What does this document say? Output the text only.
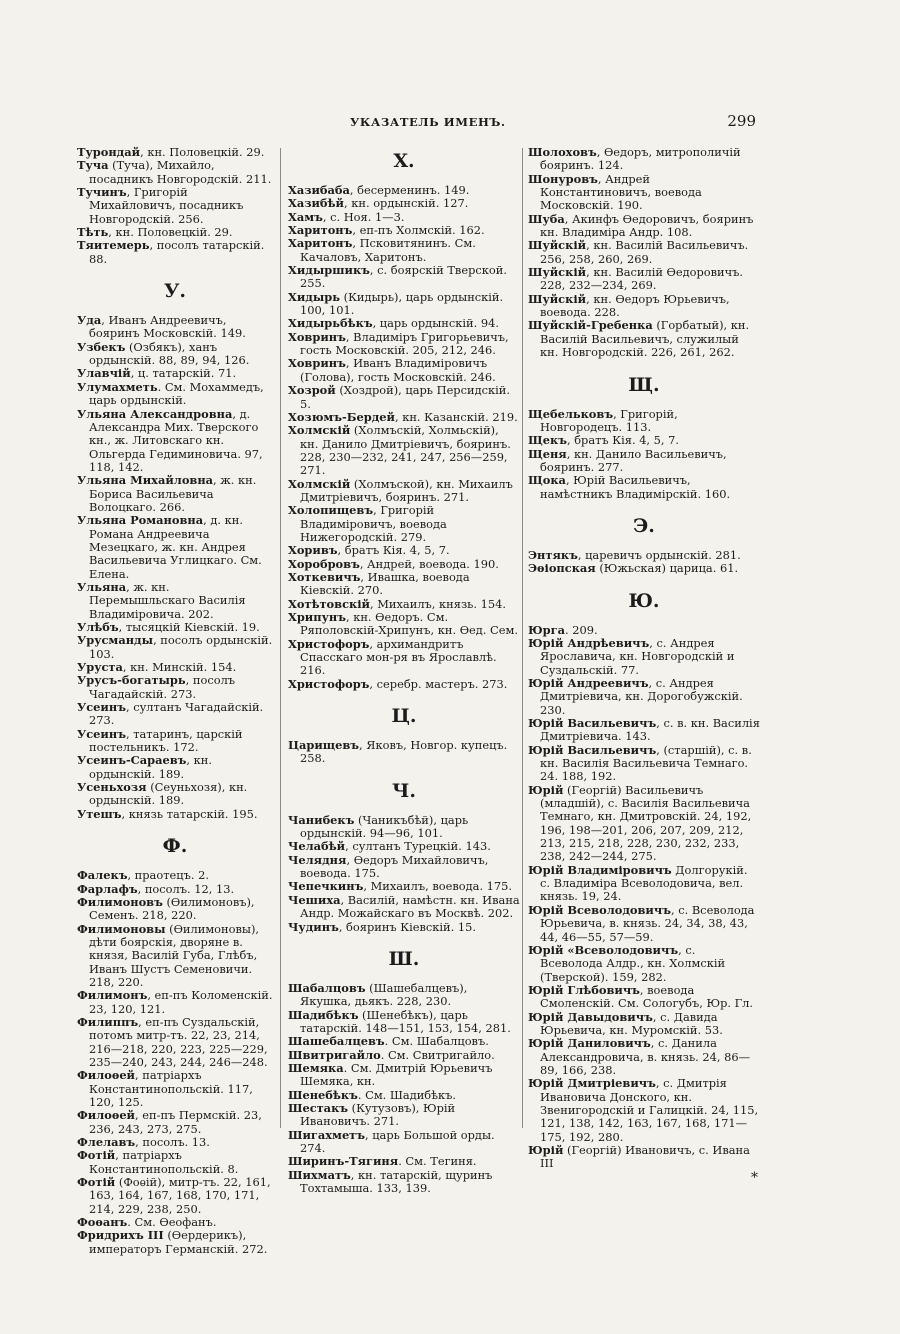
УКАЗАТЕЛЬ ИМЕНЪ.	299

Турондай, кн. Половецкій. 29.

Туча (Туча), Михайло, посадникъ Новгородскій. 211.

Тучинъ, Григорій Михайловичъ, посадникъ Новгородскій. 256.

Тѣть, кн. Половецкій. 29.

Тяитемерь, посолъ татарскій. 88.

У.

Уда, Иванъ Андреевичъ, бояринъ Московскій. 149.

Узбекъ (Озбякъ), ханъ ордынскій. 88, 89, 94, 126.

Улавчій, ц. татарскій. 71.

Улумахметь. См. Мохаммедъ, царь ордынскій.

Ульяна Александровна, д. Александра Мих. Тверского кн., ж. Литовскаго кн. Ольгерда Гедиминовича. 97, 118, 142.

Ульяна Михайловна, ж. кн. Бориса Васильевича Волоцкаго. 266.

Ульяна Романовна, д. кн. Романа Андреевича Мезецкаго, ж. кн. Андрея Васильевича Углицкаго. См. Елена.

Ульяна, ж. кн. Перемышльскаго Василія Владиміровича. 202.

Улѣбъ, тысяцкій Кіевскій. 19.

Урусманды, посолъ ордынскій. 103.

Уруста, кн. Минскій. 154.

Урусъ-богатырь, посолъ Чагадайскій. 273.

Усеинъ, султанъ Чагадайскій. 273.

Усеинъ, татаринъ, царскій постельникъ. 172.

Усеинъ-Сараевъ, кн. ордынскій. 189.

Усеньхозя (Сеуньхозя), кн. ордынскій. 189.

Утешъ, князь татарскій. 195.

Ф.

Фалекъ, праотецъ. 2.

Фарлафъ, посолъ. 12, 13.

Филимоновъ (Ѳилимоновъ), Семенъ. 218, 220.

Филимоновы (Ѳилимоновы), дѣти боярскія, дворяне в. князя, Василій Губа, Глѣбъ, Иванъ Шустъ Семеновичи. 218, 220.

Филимонъ, еп-пъ Коломенскій. 23, 120, 121.

Филиппъ, еп-пъ Суздальскій, потомъ митр-тъ. 22, 23, 214, 216—218, 220, 223, 225—229, 235—240, 243, 244, 246—248.

Филоѳей, патріархъ Константинопольскій. 117, 120, 125.

Филоѳей, еп-пъ Пермскій. 23, 236, 243, 273, 275.

Флелавъ, посолъ. 13.

Фотій, патріархъ Константинопольскій. 8.

Фотій (Фоѳій), митр-тъ. 22, 161, 163, 164, 167, 168, 170, 171, 214, 229, 238, 250.

Фоѳанъ. См. Ѳеофанъ.

Фридрихъ III (Ѳердерикъ), императоръ Германскій. 272.

Х.

Хазибаба, бесерменинъ. 149.

Хазибѣй, кн. ордынскій. 127.

Хамъ, с. Ноя. 1—3.

Харитонъ, еп-пъ Холмскій. 162.

Харитонъ, Псковитянинъ. См. Качаловъ, Харитонъ.

Хидыршикъ, с. боярскій Тверской. 255.

Хидырь (Кидырь), царь ордынскій. 100, 101.

Хидырьбѣкъ, царь ордынскій. 94.

Ховринъ, Владиміръ Григорьевичъ, гость Московскій. 205, 212, 246.

Ховринъ, Иванъ Владиміровичъ (Голова), гость Московскій. 246.

Хозрой (Хоздрой), царь Персидскій. 5.

Хозюмъ-Бердей, кн. Казанскій. 219.

Холмскій (Холмъскій, Холмьскій), кн. Данило Дмитріевичъ, бояринъ. 228, 230—232, 241, 247, 256—259, 271.

Холмскій (Холмъской), кн. Михаилъ Дмитріевичъ, бояринъ. 271.

Холопищевъ, Григорій Владиміровичъ, воевода Нижегородскій. 279.

Хоривъ, братъ Кія. 4, 5, 7.

Хоробровъ, Андрей, воевода. 190.

Хоткевичъ, Ивашка, воевода Кіевскій. 270.

Хотѣтовскій, Михаилъ, князь. 154.

Хрипунъ, кн. Ѳедоръ. См. Ряполовскій-Хрипунъ, кн. Ѳед. Сем.

Христофоръ, архимандритъ Спасскаго мон-ря въ Ярославлѣ. 216.

Христофоръ, серебр. мастеръ. 273.

Ц.

Царищевъ, Яковъ, Новгор. купецъ. 258.

Ч.

Чанибекъ (Чаникъбѣй), царь ордынскій. 94—96, 101.

Челабѣй, султанъ Турецкій. 143.

Челядня, Ѳедоръ Михайловичъ, воевода. 175.

Чепечкинъ, Михаилъ, воевода. 175.

Чешиха, Василій, намѣстн. кн. Ивана Андр. Можайскаго въ Москвѣ. 202.

Чудинъ, бояринъ Кіевскій. 15.

Ш.

Шабалцовъ (Шашебалцевъ), Якушка, дьякъ. 228, 230.

Шадибѣкъ (Шенебѣкъ), царь татарскій. 148—151, 153, 154, 281.

Шашебалцевъ. См. Шабалцовъ.

Швитригайло. См. Свитригайло.

Шемяка. См. Дмитрій Юрьевичъ Шемяка, кн.

Шенебѣкъ. См. Шадибѣкъ.

Шестакъ (Кутузовъ), Юрій Ивановичъ. 271.

Шигахметъ, царь Большой орды. 274.

Ширинъ-Тягиня. См. Тегиня.

Шихматъ, кн. татарскій, щуринъ Тохтамыша. 133, 139.

Шолоховъ, Ѳедоръ, митрополичій бояринъ. 124.

Шонуровъ, Андрей Константиновичъ, воевода Московскій. 190.

Шуба, Акинфъ Ѳедоровичъ, бояринъ кн. Владиміра Андр. 108.

Шуйскій, кн. Василій Васильевичъ. 256, 258, 260, 269.

Шуйскій, кн. Василій Ѳедоровичъ. 228, 232—234, 269.

Шуйскій, кн. Ѳедоръ Юрьевичъ, воевода. 228.

Шуйскій-Гребенка (Горбатый), кн. Василій Васильевичъ, служилый кн. Новгородскій. 226, 261, 262.

Щ.

Щебельковъ, Григорій, Новгородецъ. 113.

Щекъ, братъ Кія. 4, 5, 7.

Щеня, кн. Данило Васильевичъ, бояринъ. 277.

Щока, Юрій Васильевичъ, намѣстникъ Владимірскій. 160.

Э.

Энтякъ, царевичъ ордынскій. 281.

Эѳіопская (Южьская) царица. 61.

Ю.

Юрга. 209.

Юрій Андрѣевичъ, с. Андрея Ярославича, кн. Новгородскій и Суздальскій. 77.

Юрій Андреевичъ, с. Андрея Дмитріевича, кн. Дорогобужскій. 230.

Юрій Васильевичъ, с. в. кн. Василія Дмитріевича. 143.

Юрій Васильевичъ, (старшій), с. в. кн. Василія Васильевича Темнаго. 24. 188, 192.

Юрій (Георгій) Васильевичъ (младшій), с. Василія Васильевича Темнаго, кн. Дмитровскій. 24, 192, 196, 198—201, 206, 207, 209, 212, 213, 215, 218, 228, 230, 232, 233, 238, 242—244, 275.

Юрій Владиміровичъ Долгорукій. с. Владиміра Всеволодовича, вел. князь. 19, 24.

Юрій Всеволодовичъ, с. Всеволода Юрьевича, в. князь. 24, 34, 38, 43, 44, 46—55, 57—59.

Юрій «Всеволодовичъ, с. Всеволода Алдр., кн. Холмскій (Тверской). 159, 282.

Юрій Глѣбовичъ, воевода Смоленскій. См. Сологубъ, Юр. Гл.

Юрій Давыдовичъ, с. Давида Юрьевича, кн. Муромскій. 53.

Юрій Даниловичъ, с. Данила Александровича, в. князь. 24, 86—89, 166, 238.

Юрій Дмитріевичъ, с. Дмитрія Ивановича Донского, кн. Звенигородскій и Галицкій. 24, 115, 121, 138, 142, 163, 167, 168, 171—175, 192, 280.

Юрій (Георгій) Ивановичъ, с. Ивана III

*
